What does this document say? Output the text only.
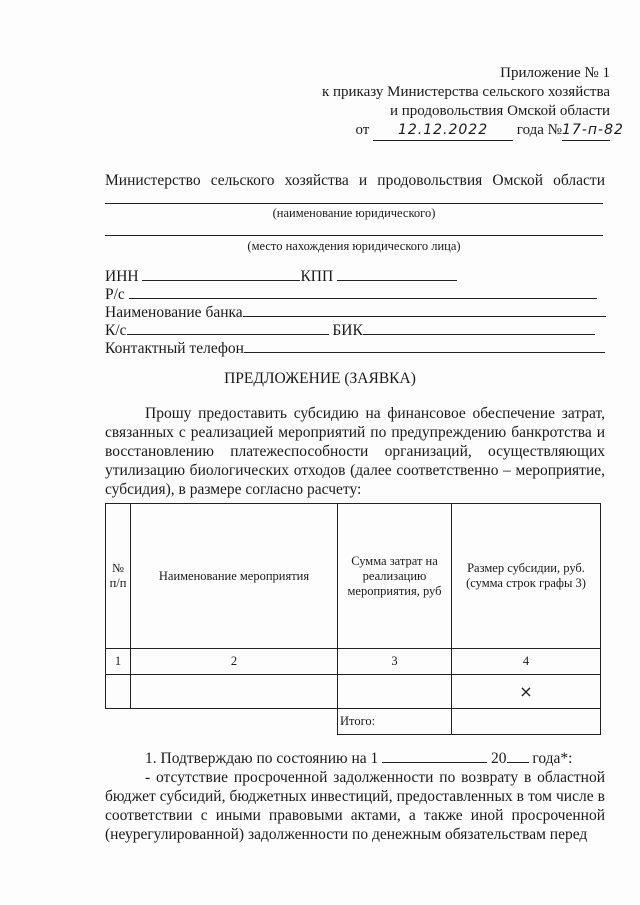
Приложение № 1
к приказу Министерства сельского хозяйства
и продовольствия Омской области
от 12.12.2022 года №17-п-82
Министерство сельского хозяйства и продовольствия Омской области
(наименование юридического)
(место нахождения юридического лица)
ИНН	КПП
Р/с
Наименование банка
К/с	БИК
Контактный телефон
ПРЕДЛОЖЕНИЕ (ЗАЯВКА)

Прошу предоставить субсидию на финансовое обеспечение затрат, связанных с реализацией мероприятий по предупреждению банкротства и восстановлению платежеспособности организаций, осуществляющих утилизацию биологических отходов (далее соответственно – мероприятие, субсидия), в размере согласно расчету:

№ п/п	Наименование мероприятия	Сумма затрат на реализацию мероприятия, руб	Размер субсидии, руб. (сумма строк графы 3)
1	2	3	4
			×
		Итого:	

1. Подтверждаю по состоянию на 1	20 года*:

- отсутствие просроченной задолженности по возврату в областной бюджет субсидий, бюджетных инвестиций, предоставленных в том числе в соответствии с иными правовыми актами, а также иной просроченной (неурегулированной) задолженности по денежным обязательствам перед
